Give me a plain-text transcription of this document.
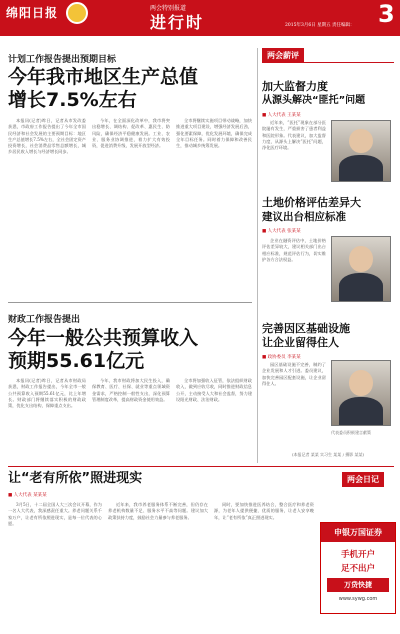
绵阳日报	两会特别报道
进行时	2015年3月6日 星期五 责任编辑： 3
计划工作报告提出预期目标
今年我市地区生产总值
增长7.5%左右
本报讯(记者)昨日，记者从市发改委获悉，市政府工作报告提出了今年全市国民经济和社会发展的主要预期目标：地区生产总值增长7.5%左右，全社会固定资产投资增长，社会消费品零售总额增长，城乡居民收入增长与经济增长同步。
今年，在全面深化改革中，我市将突出稳增长、调结构、促改革、惠民生、防风险，确保经济平稳健康发展。工业、农业、服务业协调推进，着力扩大有效投资，促进消费升级，发展开放型经济。
全市将继续实施项目带动战略，加快推进重大项目建设，增强经济发展后劲，强化要素保障，优化发展环境，确保完成全年目标任务。同时着力保障和改善民生，推动城乡统筹发展。
财政工作报告提出
今年一般公共预算收入
预期55.61亿元
本报讯(记者)昨日，记者从市财政局获悉，财政工作报告提出，今年全市一般公共预算收入预期55.61亿元，比上年增长。财政部门将继续落实积极的财政政策，优化支出结构，保障重点支出。
今年，我市财政将加大民生投入，确保教育、医疗、社保、就业等重点领域资金需求，严格控制一般性支出，深化预算管理制度改革，提高财政资金使用效益。
全市将加强收入征管，依法组织财政收入，做到应收尽收，同时推进财政信息公开，主动接受人大和社会监督，努力建设阳光财政、法治财政。
两会薪评
加大监督力度
从源头解决“匪托”问题
■ 人大代表 王某某
近年来，“医托”现象在部分医院屡有发生，严重损害了患者利益和医院形象。代表建议，加大监督力度，从源头上解决“医托”问题，净化医疗环境。
土地价格评估差异大
建议出台相应标准
■ 人大代表 张某某
企业在融资评估中，土地价格评估差异较大，建议相关部门出台相应标准，规范评估行为，切实维护各方合法权益。
完善因区基础设施
让企业留得住人
■ 政协委员 李某某
园区基础设施不完善，制约了企业发展和人才引进。委员建议，加快完善园区配套设施，让企业留得住人。
代表委员积极建言献策
(本报记者 某某 实习生 某某 / 摄影 某某)
两会日记
让“老有所依”照进现实
■ 人大代表 某某某
3月5日，十二届全国人大三次会议开幕，作为一名人大代表，我深感责任重大。养老问题关系千家万户，让老有所依照进现实，是每一位代表的心愿。
近年来，我市养老服务体系不断完善，但仍存在养老机构数量不足、服务水平不高等问题。建议加大政策扶持力度，鼓励社会力量参与养老服务。
同时，要加快推进医养结合，整合医疗和养老资源，为老年人提供便捷、优质的服务，让老人安享晚年，让“老有所依”真正照进现实。
申银万国证券
手机开户
足不出户
万贷快捷
www.sywg.com
